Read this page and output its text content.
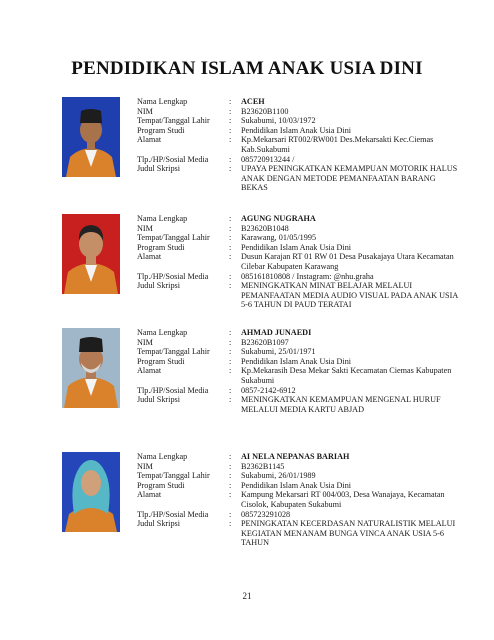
PENDIDIKAN ISLAM ANAK USIA DINI
Nama Lengkap	:	ACEH
NIM	:	B23620B1100
Tempat/Tanggal Lahir	:	Sukabumi, 10/03/1972
Program Studi	:	Pendidikan Islam Anak Usia Dini
Alamat	:	Kp.Mekarsari RT002/RW001 Des.Mekarsakti Kec.Ciemas Kab.Sukabumi
Tlp./HP/Sosial Media	:	085720913244 /
Judul Skripsi	:	UPAYA PENINGKATKAN KEMAMPUAN MOTORIK HALUS ANAK DENGAN METODE PEMANFAATAN BARANG BEKAS
Nama Lengkap	:	AGUNG NUGRAHA
NIM	:	B23620B1048
Tempat/Tanggal Lahir	:	Karawang, 01/05/1995
Program Studi	:	Pendidikan Islam Anak Usia Dini
Alamat	:	Dusun Karajan RT 01 RW 01 Desa Pusakajaya Utara Kecamatan Cilebar Kabupaten Karawang
Tlp./HP/Sosial Media	:	085161810808 / Instagram: @nhu.graha
Judul Skripsi	:	MENINGKATKAN MINAT BELAJAR MELALUI PEMANFAATAN MEDIA AUDIO VISUAL PADA ANAK USIA 5-6 TAHUN DI PAUD TERATAI
Nama Lengkap	:	AHMAD JUNAEDI
NIM	:	B23620B1097
Tempat/Tanggal Lahir	:	Sukabumi, 25/01/1971
Program Studi	:	Pendidikan Islam Anak Usia Dini
Alamat	:	Kp.Mekarasih Desa Mekar Sakti Kecamatan Ciemas Kabupaten Sukabumi
Tlp./HP/Sosial Media	:	0857-2142-6912
Judul Skripsi	:	MENINGKATKAN KEMAMPUAN MENGENAL HURUF MELALUI MEDIA KARTU ABJAD
Nama Lengkap	:	AI NELA NEPANAS BARIAH
NIM	:	B2362B1145
Tempat/Tanggal Lahir	:	Sukabumi, 26/01/1989
Program Studi	:	Pendidikan Islam Anak Usia Dini
Alamat	:	Kampung Mekarsari RT 004/003, Desa Wanajaya, Kecamatan Cisolok, Kabupaten Sukabumi
Tlp./HP/Sosial Media	:	085723291028
Judul Skripsi	:	PENINGKATAN KECERDASAN NATURALISTIK MELALUI KEGIATAN MENANAM BUNGA VINCA ANAK USIA 5-6 TAHUN
21
